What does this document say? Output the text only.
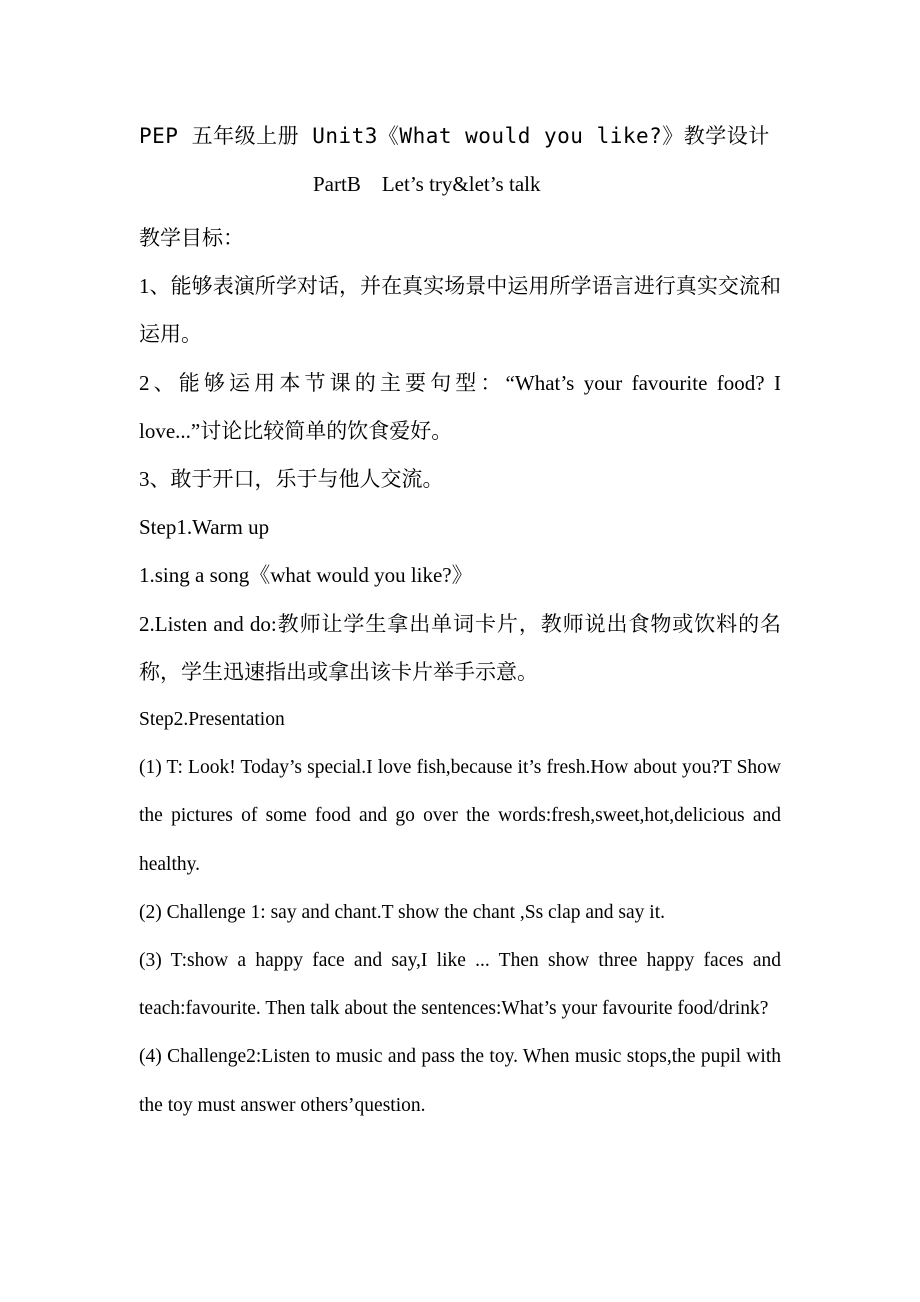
PEP 五年级上册 Unit3《What would you like?》教学设计
PartB    Let’s try&let’s talk

教学目标：

1、能够表演所学对话，并在真实场景中运用所学语言进行真实交流和运用。

2、能够运用本节课的主要句型：“What’s your favourite food? I love...”讨论比较简单的饮食爱好。

3、敢于开口，乐于与他人交流。

Step1.Warm up

1.sing a song《what would you like?》

2.Listen and do:教师让学生拿出单词卡片，教师说出食物或饮料的名称，学生迅速指出或拿出该卡片举手示意。

Step2.Presentation

(1) T: Look! Today’s special.I love fish,because it’s fresh.How about you?T Show the pictures of some food and go over the words:fresh,sweet,hot,delicious and healthy.

(2) Challenge 1: say and chant.T show the chant ,Ss clap and say it.

(3) T:show a happy face and say,I like ... Then show three happy faces and teach:favourite. Then talk about the sentences:What’s your favourite food/drink?

(4) Challenge2:Listen to music and pass the toy. When music stops,the pupil with the toy must answer others’question.
